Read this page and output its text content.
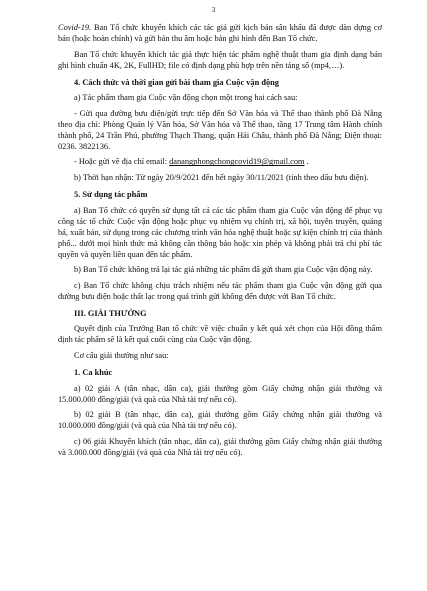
3

Covid-19. Ban Tổ chức khuyến khích các tác giả gửi kịch bản sân khấu đã được dàn dựng cơ bản (hoặc hoàn chỉnh) và gửi bản thu âm hoặc bản ghi hình đến Ban Tổ chức.

Ban Tổ chức khuyến khích tác giả thực hiện tác phẩm nghệ thuật tham gia định dạng bản ghi hình chuẩn 4K, 2K, FullHD; file có định dạng phù hợp trên nền tảng số (mp4,…).

4. Cách thức và thời gian gửi bài tham gia Cuộc vận động

a) Tác phẩm tham gia Cuộc vận động chọn một trong hai cách sau:

- Gửi qua đường bưu điện/gửi trực tiếp đến Sở Văn hóa và Thể thao thành phố Đà Nẵng theo địa chỉ: Phòng Quản lý Văn hóa, Sở Văn hóa và Thể thao, tầng 17 Trung tâm Hành chính thành phố, 24 Trần Phú, phường Thạch Thang, quận Hải Châu, thành phố Đà Nẵng; Điện thoại: 0236. 3822136.

- Hoặc gửi về địa chỉ email: danangphongchongcovid19@gmail.com .

b) Thời hạn nhận: Từ ngày 20/9/2021 đến hết ngày 30/11/2021 (tính theo dấu bưu điện).

5. Sử dụng tác phẩm

a) Ban Tổ chức có quyền sử dụng tất cả các tác phẩm tham gia Cuộc vận động để phục vụ công tác tổ chức Cuộc vận động hoặc phục vụ nhiệm vụ chính trị, xã hội, tuyên truyền, quảng bá, xuất bản, sử dụng trong các chương trình văn hóa nghệ thuật hoặc sự kiện chính trị của thành phố... dưới mọi hình thức mà không cần thông báo hoặc xin phép và không phải trả chi phí tác quyền và quyền liên quan đến tác phẩm.

b) Ban Tổ chức không trả lại tác giả những tác phẩm đã gửi tham gia Cuộc vận động này.

c) Ban Tổ chức không chịu trách nhiệm nếu tác phẩm tham gia Cuộc vận động gửi qua đường bưu điện hoặc thất lạc trong quá trình gửi không đến được với Ban Tổ chức.

III. GIẢI THƯỞNG

Quyết định của Trưởng Ban tổ chức về việc chuẩn y kết quả xét chọn của Hội đồng thẩm định tác phẩm sẽ là kết quả cuối cùng của Cuộc vận động.

Cơ cấu giải thưởng như sau:

1. Ca khúc

a) 02 giải A (tân nhạc, dân ca), giải thưởng gồm Giấy chứng nhận giải thưởng và 15.000.000 đồng/giải (và quà của Nhà tài trợ nếu có).

b) 02 giải B (tân nhạc, dân ca), giải thưởng gồm Giấy chứng nhận giải thưởng và 10.000.000 đồng/giải (và quà của Nhà tài trợ nếu có).

c) 06 giải Khuyến khích (tân nhạc, dân ca), giải thưởng gồm Giấy chứng nhận giải thưởng và 3.000.000 đồng/giải (và quà của Nhà tài trợ nếu có).
